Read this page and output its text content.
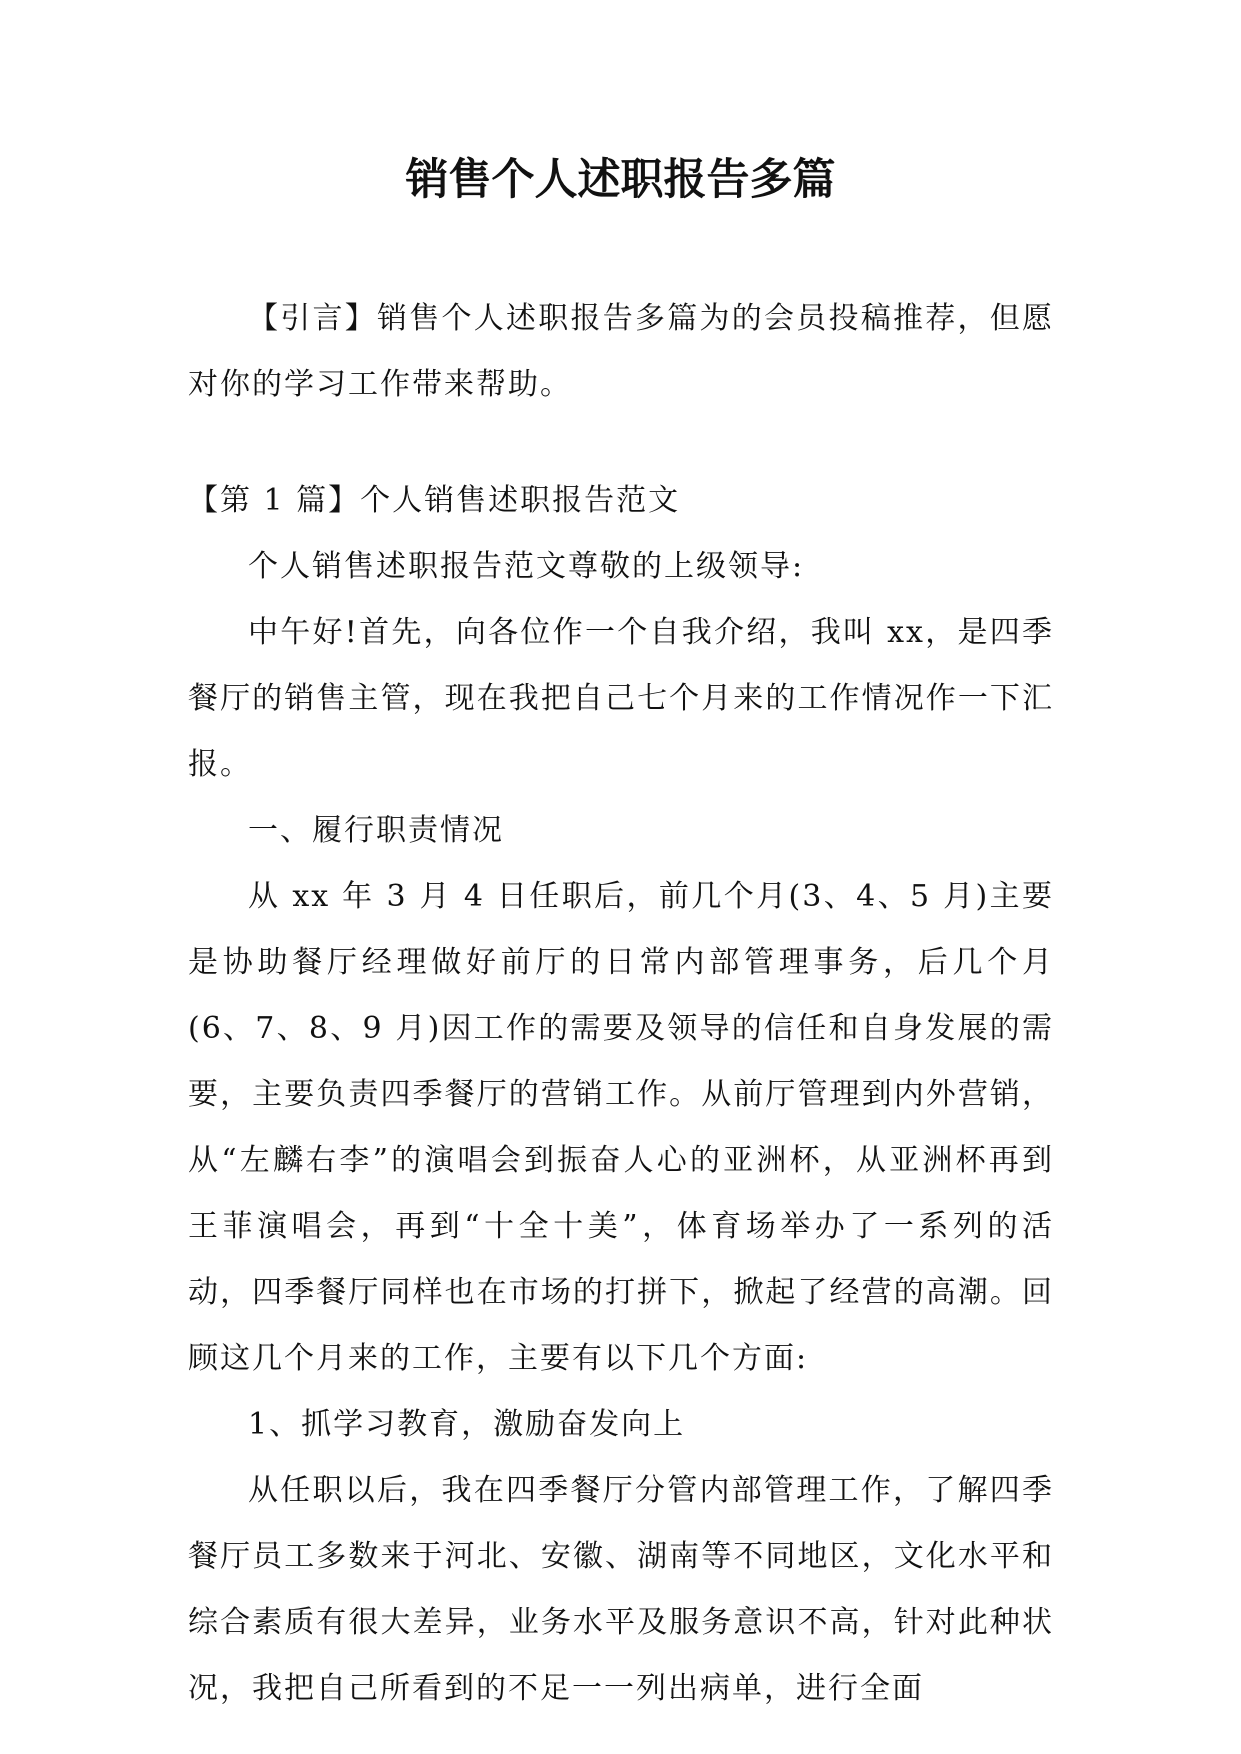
销售个人述职报告多篇

【引言】销售个人述职报告多篇为的会员投稿推荐，但愿对你的学习工作带来帮助。

【第 1 篇】个人销售述职报告范文

个人销售述职报告范文尊敬的上级领导:

中午好!首先，向各位作一个自我介绍，我叫 xx，是四季餐厅的销售主管，现在我把自己七个月来的工作情况作一下汇报。

一、履行职责情况

从 xx 年 3 月 4 日任职后，前几个月(3、4、5 月)主要是协助餐厅经理做好前厅的日常内部管理事务，后几个月(6、7、8、9 月)因工作的需要及领导的信任和自身发展的需要，主要负责四季餐厅的营销工作。从前厅管理到内外营销，从“左麟右李”的演唱会到振奋人心的亚洲杯，从亚洲杯再到王菲演唱会，再到“十全十美”，体育场举办了一系列的活动，四季餐厅同样也在市场的打拼下，掀起了经营的高潮。回顾这几个月来的工作，主要有以下几个方面:

1、抓学习教育，激励奋发向上

从任职以后，我在四季餐厅分管内部管理工作，了解四季餐厅员工多数来于河北、安徽、湖南等不同地区，文化水平和综合素质有很大差异，业务水平及服务意识不高，针对此种状况，我把自己所看到的不足一一列出病单，进行全面
